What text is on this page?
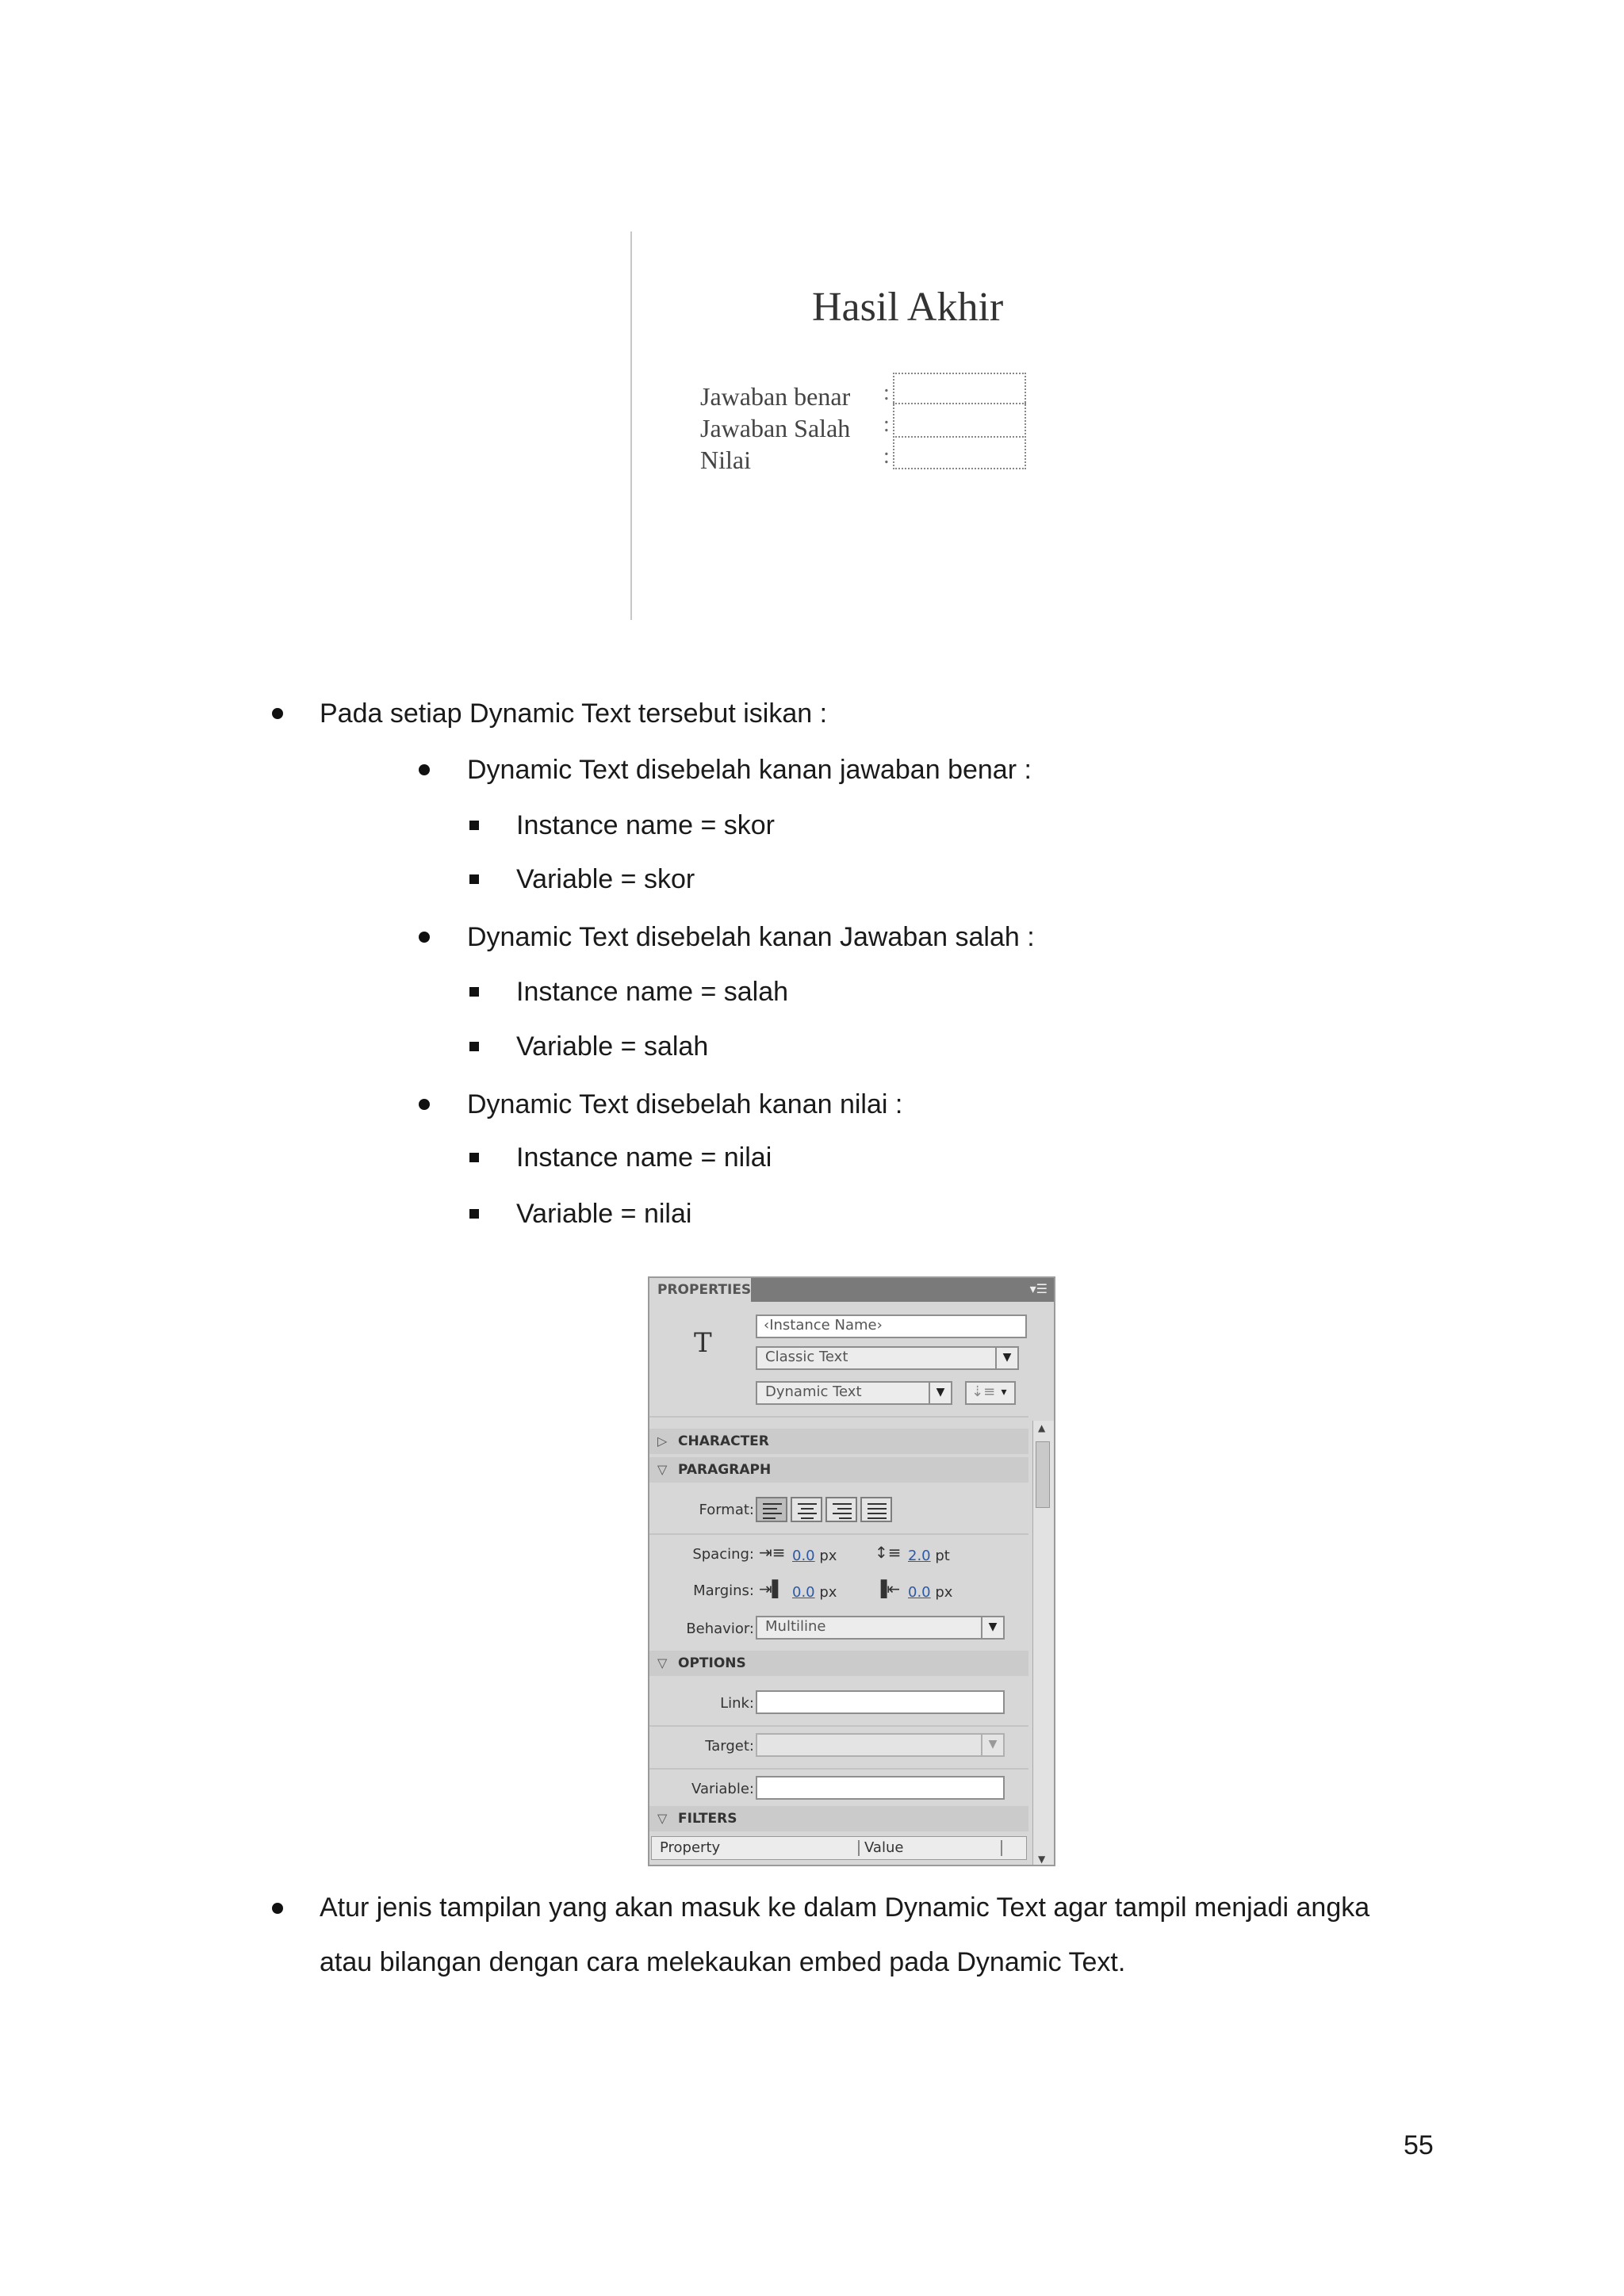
Hasil Akhir
Jawaban benar
Jawaban Salah
Nilai
:
:
:
Pada setiap Dynamic Text tersebut isikan :
Dynamic Text disebelah kanan jawaban benar :
Instance name = skor
Variable = skor
Dynamic Text disebelah kanan Jawaban salah :
Instance name = salah
Variable = salah
Dynamic Text disebelah kanan nilai :
Instance name = nilai
Variable = nilai
PROPERTIES	▾☰
T
‹Instance Name›
Classic Text	▼
Dynamic Text	▼	⇣≡ ▾
▲
▼
▷ CHARACTER
▽ PARAGRAPH
Format:
Spacing: ⇥≡ 0.0 px ↕≡ 2.0 pt
Margins: ⇥▌ 0.0 px ▐⇤ 0.0 px
Behavior: Multiline	▼
▽ OPTIONS
Link:
Target:	▼
Variable:
▽ FILTERS
Property	Value
Atur jenis tampilan yang akan masuk ke dalam Dynamic Text agar tampil menjadi angka
atau bilangan dengan cara melekaukan embed pada Dynamic Text.
55
